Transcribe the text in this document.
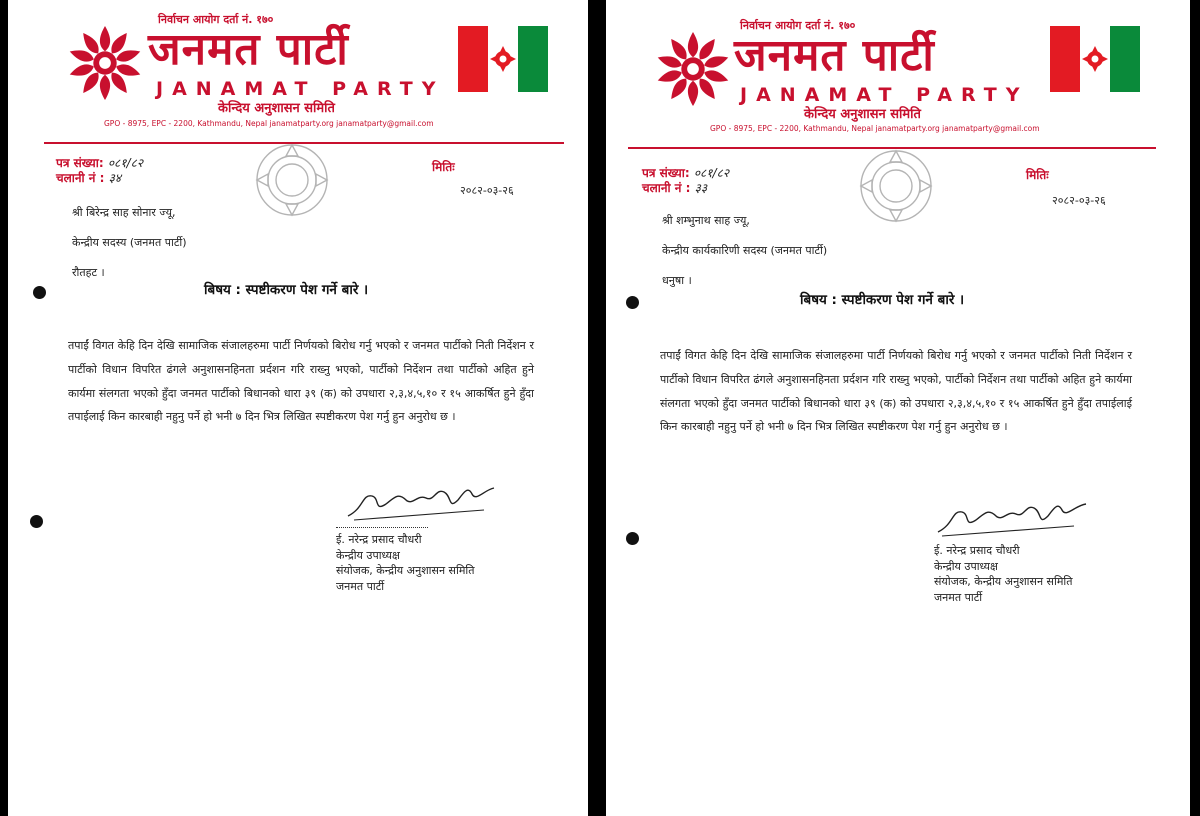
निर्वाचन आयोग दर्ता नं. १७०
जनमत पार्टी
JANAMAT PARTY
केन्दिय अनुशासन समिति
GPO - 8975, EPC - 2200, Kathmandu, Nepal janamatparty.org janamatparty@gmail.com
पत्र संख्या: ०८१/८२
चलानी नं : ३४
मितिः
२०८२-०३-२६
श्री बिरेन्द्र साह सोनार ज्यू,
केन्द्रीय सदस्य (जनमत पार्टी)
रौतहट ।
बिषय : स्पष्टीकरण पेश गर्ने बारे ।
तपाईं विगत केहि दिन देखि सामाजिक संजालहरुमा पार्टी निर्णयको बिरोध गर्नु भएको र जनमत पार्टीको निती निर्देशन र पार्टीको विधान विपरित ढंगले अनुशासनहिनता प्रर्दशन गरि राख्नु भएको, पार्टीको निर्देशन तथा पार्टीको अहित हुने कार्यमा संलगता भएको हुँदा जनमत पार्टीको बिधानको धारा ३९ (क) को उपधारा २,३,४,५,१० र १५ आकर्षित हुने हुँदा तपाईलाई किन कारबाही नहुनु पर्ने हो भनी ७ दिन भित्र लिखित स्पष्टीकरण पेश गर्नु हुन अनुरोध छ ।
ई. नरेन्द्र प्रसाद चौधरी
केन्द्रीय उपाध्यक्ष
संयोजक, केन्द्रीय अनुशासन समिति
जनमत पार्टी
निर्वाचन आयोग दर्ता नं. १७०
जनमत पार्टी
JANAMAT PARTY
केन्दिय अनुशासन समिति
GPO - 8975, EPC - 2200, Kathmandu, Nepal janamatparty.org janamatparty@gmail.com
पत्र संख्या: ०८१/८२
चलानी नं : ३३
मितिः
२०८२-०३-२६
श्री शम्भुनाथ साह ज्यू,
केन्द्रीय कार्यकारिणी सदस्य (जनमत पार्टी)
धनुषा ।
बिषय : स्पष्टीकरण पेश गर्ने बारे ।
तपाईं विगत केहि दिन देखि सामाजिक संजालहरुमा पार्टी निर्णयको बिरोध गर्नु भएको र जनमत पार्टीको निती निर्देशन र पार्टीको विधान विपरित ढंगले अनुशासनहिनता प्रर्दशन गरि राख्नु भएको, पार्टीको निर्देशन तथा पार्टीको अहित हुने कार्यमा संलगता भएको हुँदा जनमत पार्टीको बिधानको धारा ३९ (क) को उपधारा २,३,४,५,१० र १५ आकर्षित हुने हुँदा तपाईलाई किन कारबाही नहुनु पर्ने हो भनी ७ दिन भित्र लिखित स्पष्टीकरण पेश गर्नु हुन अनुरोध छ ।
ई. नरेन्द्र प्रसाद चौधरी
केन्द्रीय उपाध्यक्ष
संयोजक, केन्द्रीय अनुशासन समिति
जनमत पार्टी
